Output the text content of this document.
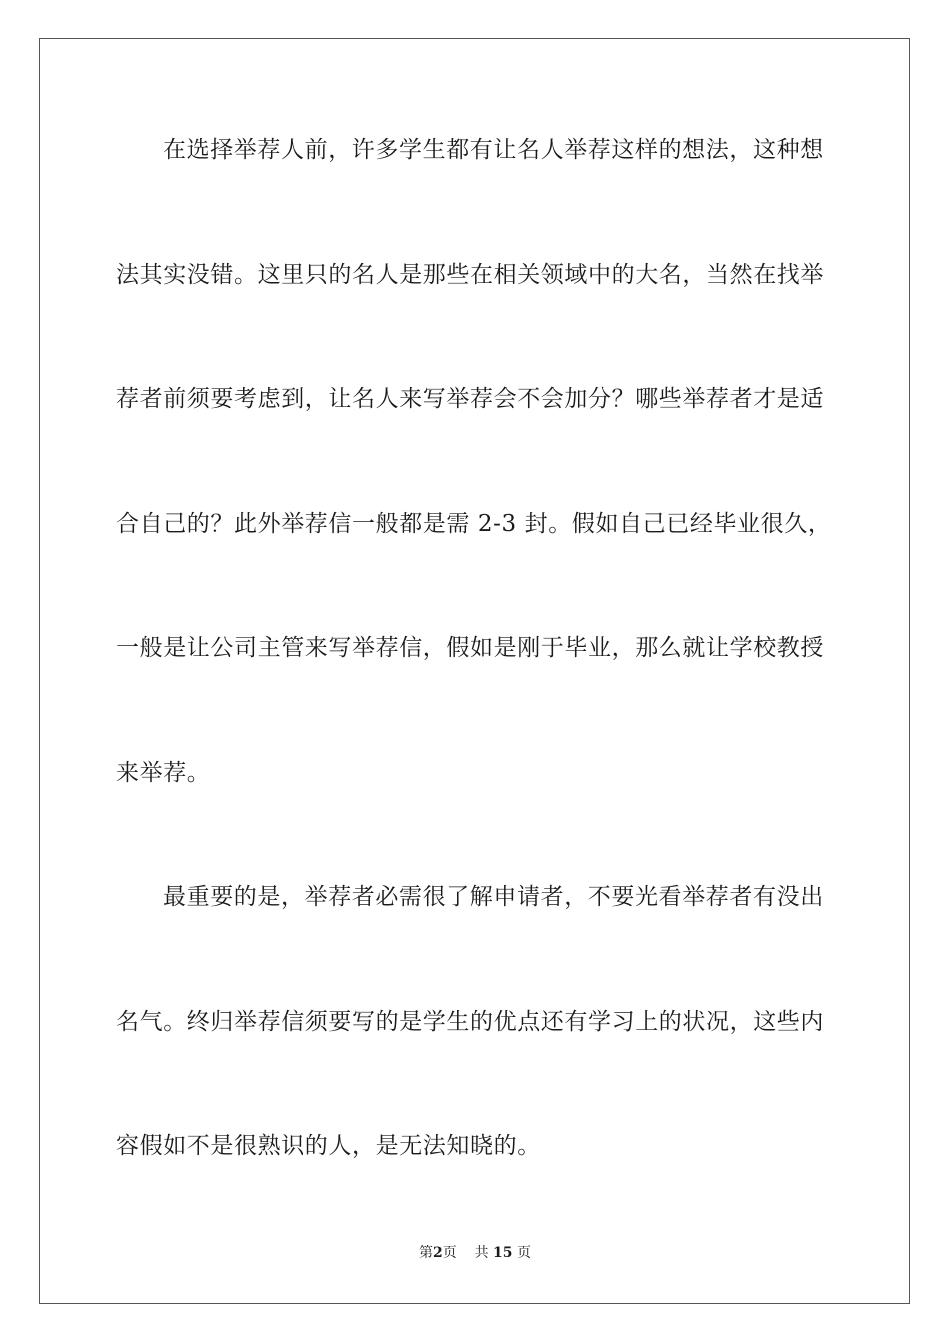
在选择举荐人前，许多学生都有让名人举荐这样的想法，这种想
法其实没错。这里只的名人是那些在相关领域中的大名，当然在找举
荐者前须要考虑到，让名人来写举荐会不会加分？哪些举荐者才是适
合自己的？此外举荐信一般都是需 2-3 封。假如自己已经毕业很久，
一般是让公司主管来写举荐信，假如是刚于毕业，那么就让学校教授
来举荐。
最重要的是，举荐者必需很了解申请者，不要光看举荐者有没出
名气。终归举荐信须要写的是学生的优点还有学习上的状况，这些内
容假如不是很熟识的人，是无法知晓的。
第2页 共 15 页
